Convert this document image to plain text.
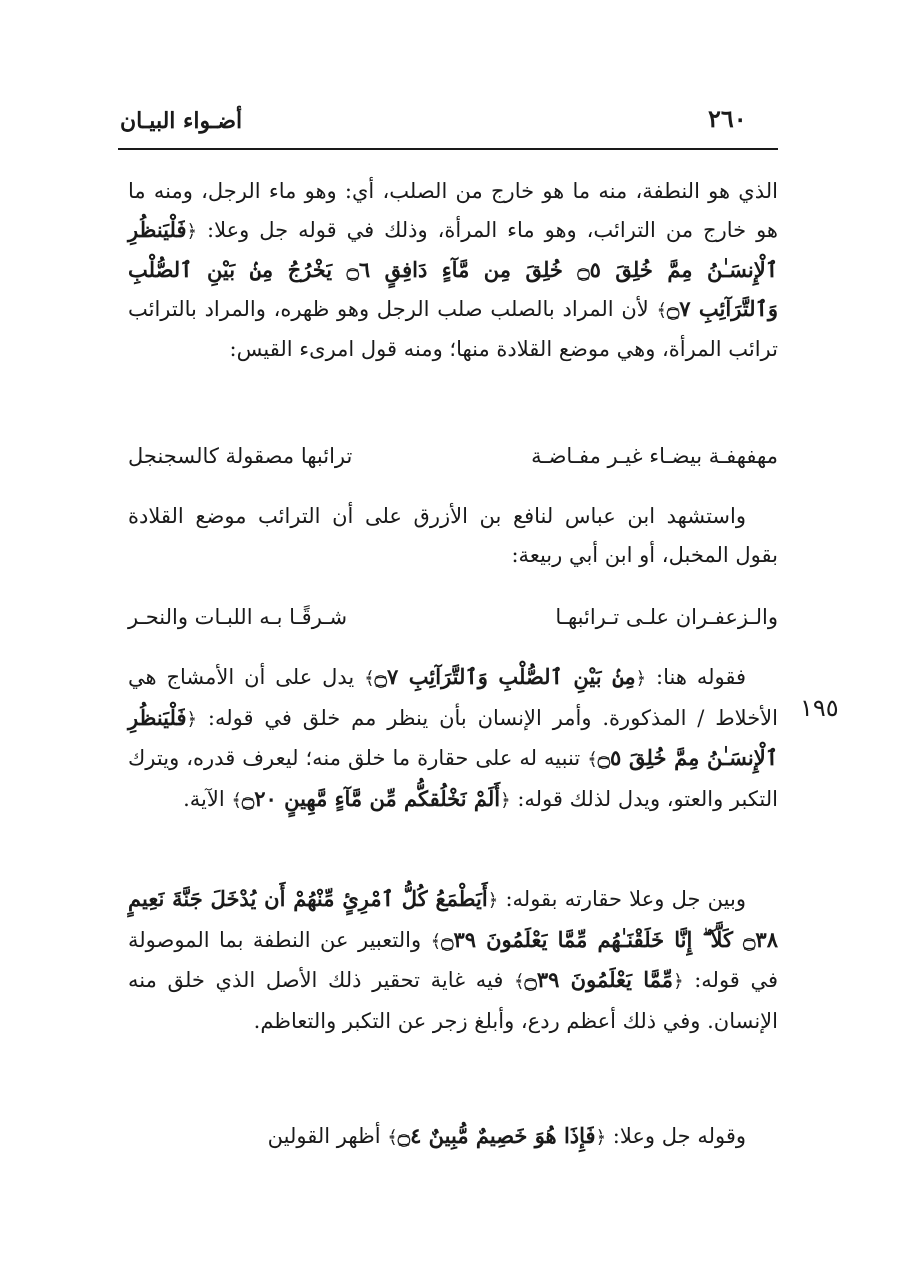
٢٦٠
أضـواء البيـان
١٩٥

الذي هو النطفة، منه ما هو خارج من الصلب، أي: وهو ماء الرجل، ومنه ما هو خارج من الترائب، وهو ماء المرأة، وذلك في قوله جل وعلا: ﴿فَلْيَنظُرِ ٱلْإِنسَـٰنُ مِمَّ خُلِقَ ۝٥ خُلِقَ مِن مَّآءٍ دَافِقٍ ۝٦ يَخْرُجُ مِنۢ بَيْنِ ٱلصُّلْبِ وَٱلتَّرَآئِبِ ۝٧﴾ لأن المراد بالصلب صلب الرجل وهو ظهره، والمراد بالترائب ترائب المرأة، وهي موضع القلادة منها؛ ومنه قول امرىء القيس:

مهفهفـة بيضـاء غيـر مفـاضـة
ترائبها مصقولة كالسجنجل

واستشهد ابن عباس لنافع بن الأزرق على أن الترائب موضع القلادة بقول المخبل، أو ابن أبي ربيعة:

والـزعفـران علـى تـرائبهـا
شـرقًـا بـه اللبـات والنحـر

فقوله هنا: ﴿مِنۢ بَيْنِ ٱلصُّلْبِ وَٱلتَّرَآئِبِ ۝٧﴾ يدل على أن الأمشاج هي الأخلاط / المذكورة. وأمر الإنسان بأن ينظر مم خلق في قوله: ﴿فَلْيَنظُرِ ٱلْإِنسَـٰنُ مِمَّ خُلِقَ ۝٥﴾ تنبيه له على حقارة ما خلق منه؛ ليعرف قدره، ويترك التكبر والعتو، ويدل لذلك قوله: ﴿أَلَمْ نَخْلُقكُّم مِّن مَّآءٍ مَّهِينٍ ۝٢٠﴾ الآية.

وبين جل وعلا حقارته بقوله: ﴿أَيَطْمَعُ كُلُّ ٱمْرِئٍ مِّنْهُمْ أَن يُدْخَلَ جَنَّةَ نَعِيمٍ ۝٣٨ كَلَّآ ۖ إِنَّا خَلَقْنَـٰهُم مِّمَّا يَعْلَمُونَ ۝٣٩﴾ والتعبير عن النطفة بما الموصولة في قوله: ﴿مِّمَّا يَعْلَمُونَ ۝٣٩﴾ فيه غاية تحقير ذلك الأصل الذي خلق منه الإنسان. وفي ذلك أعظم ردع، وأبلغ زجر عن التكبر والتعاظم.

وقوله جل وعلا: ﴿فَإِذَا هُوَ خَصِيمٌ مُّبِينٌ ۝٤﴾ أظهر القولين
